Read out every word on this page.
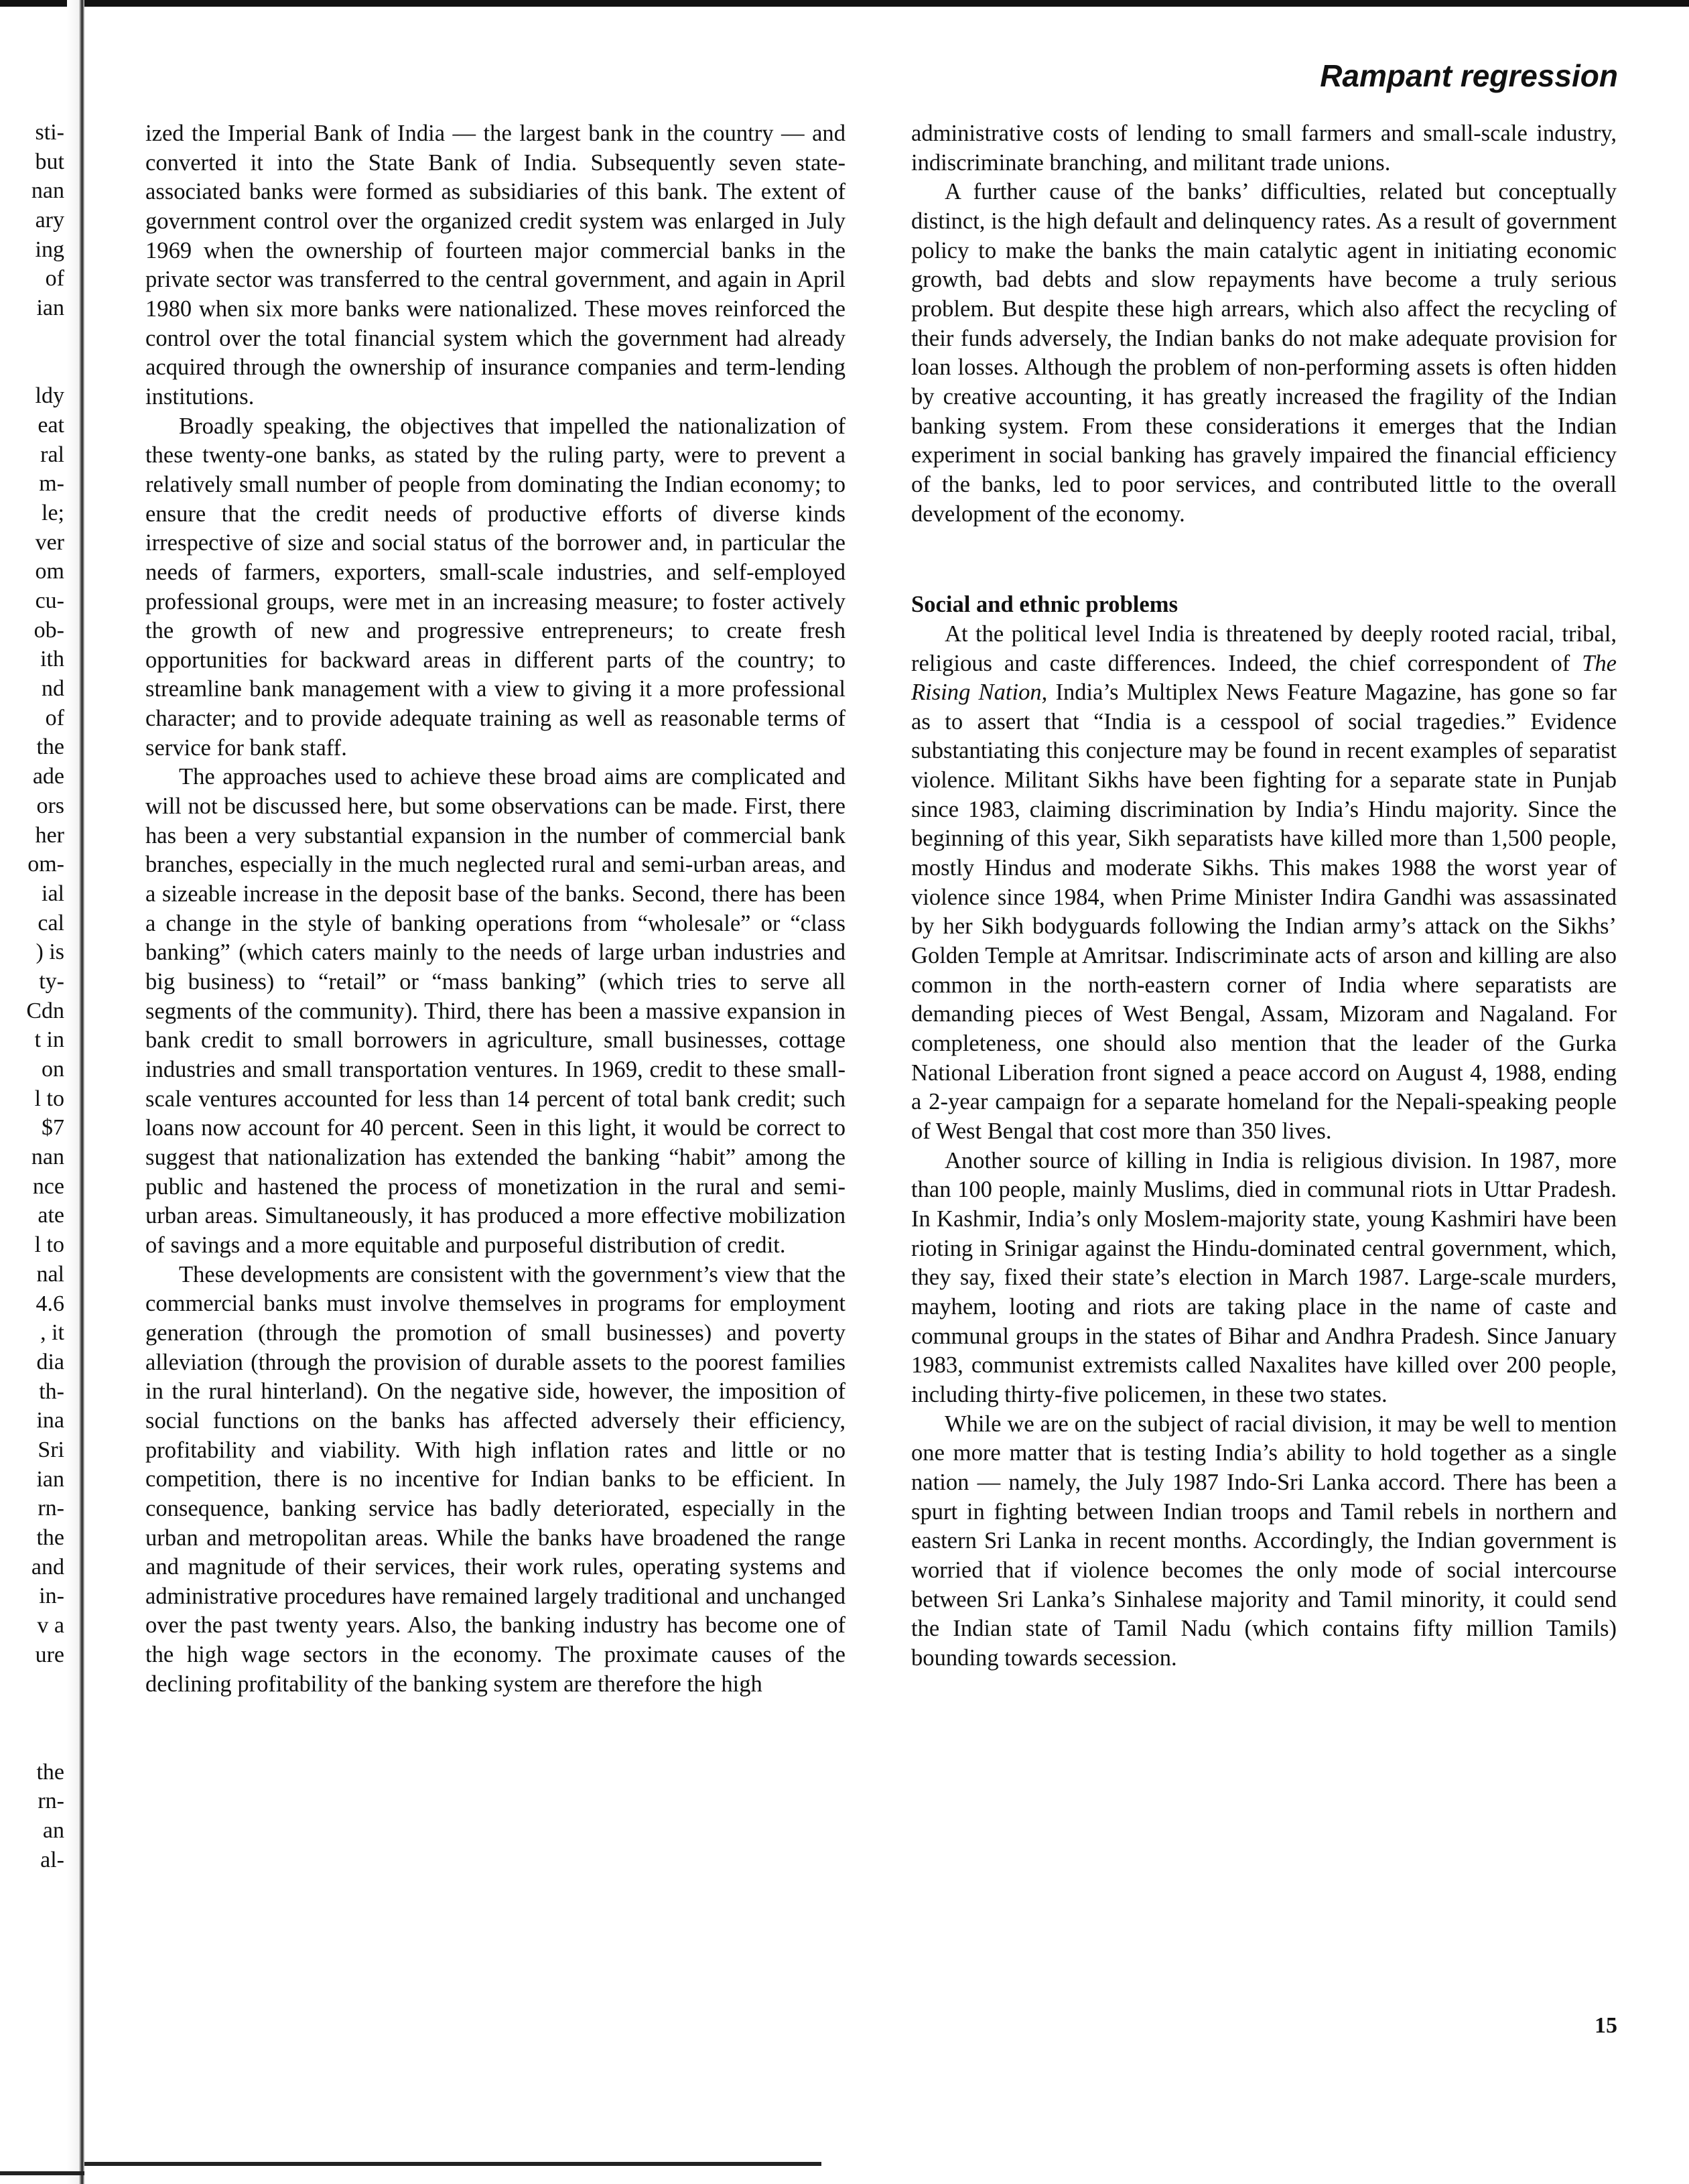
sti-
but
nan
ary
ing
of
ian
ldy
eat
ral
m-
le;
ver
om
cu-
ob-
ith
nd
of
the
ade
ors
her
om-
ial
cal
) is
ty-
Cdn
t in
on
l to
$7
nan
nce
ate
l to
nal
4.6
, it
dia
th-
ina
Sri
ian
rn-
the
and
in-
v a
ure
the
rn-
an
al-
Rampant regression

ized the Imperial Bank of India — the largest bank in the country — and converted it into the State Bank of India. Subsequently seven state-associated banks were formed as subsidiaries of this bank. The extent of government control over the organized credit system was enlarged in July 1969 when the ownership of fourteen major commercial banks in the private sector was transferred to the central government, and again in April 1980 when six more banks were nationalized. These moves reinforced the control over the total financial system which the government had already acquired through the ownership of insurance companies and term-lending institutions.

Broadly speaking, the objectives that impelled the nationalization of these twenty-one banks, as stated by the ruling party, were to prevent a relatively small number of people from dominating the Indian economy; to ensure that the credit needs of productive efforts of diverse kinds irrespective of size and social status of the borrower and, in particular the needs of farmers, exporters, small-scale industries, and self-employed professional groups, were met in an increasing measure; to foster actively the growth of new and progressive entrepreneurs; to create fresh opportunities for backward areas in different parts of the country; to streamline bank management with a view to giving it a more professional character; and to provide adequate training as well as reasonable terms of service for bank staff.

The approaches used to achieve these broad aims are complicated and will not be discussed here, but some observations can be made. First, there has been a very substantial expansion in the number of commercial bank branches, especially in the much neglected rural and semi-urban areas, and a sizeable increase in the deposit base of the banks. Second, there has been a change in the style of banking operations from “wholesale” or “class banking” (which caters mainly to the needs of large urban industries and big business) to “retail” or “mass banking” (which tries to serve all segments of the community). Third, there has been a massive expansion in bank credit to small borrowers in agriculture, small businesses, cottage industries and small transportation ventures. In 1969, credit to these small-scale ventures accounted for less than 14 percent of total bank credit; such loans now account for 40 percent. Seen in this light, it would be correct to suggest that nationalization has extended the banking “habit” among the public and hastened the process of monetization in the rural and semi-urban areas. Simultaneously, it has produced a more effective mobilization of savings and a more equitable and purposeful distribution of credit.

These developments are consistent with the government’s view that the commercial banks must involve themselves in programs for employment generation (through the promotion of small businesses) and poverty alleviation (through the provision of durable assets to the poorest families in the rural hinterland). On the negative side, however, the imposition of social functions on the banks has affected adversely their efficiency, profitability and viability. With high inflation rates and little or no competition, there is no incentive for Indian banks to be efficient. In consequence, banking service has badly deteriorated, especially in the urban and metropolitan areas. While the banks have broadened the range and magnitude of their services, their work rules, operating systems and administrative procedures have remained largely traditional and unchanged over the past twenty years. Also, the banking industry has become one of the high wage sectors in the economy. The proximate causes of the declining profitability of the banking system are therefore the high

administrative costs of lending to small farmers and small-scale industry, indiscriminate branching, and militant trade unions.

A further cause of the banks’ difficulties, related but conceptually distinct, is the high default and delinquency rates. As a result of government policy to make the banks the main catalytic agent in initiating economic growth, bad debts and slow repayments have become a truly serious problem. But despite these high arrears, which also affect the recycling of their funds adversely, the Indian banks do not make adequate provision for loan losses. Although the problem of non-performing assets is often hidden by creative accounting, it has greatly increased the fragility of the Indian banking system. From these considerations it emerges that the Indian experiment in social banking has gravely impaired the financial efficiency of the banks, led to poor services, and contributed little to the overall development of the economy.

Social and ethnic problems

At the political level India is threatened by deeply rooted racial, tribal, religious and caste differences. Indeed, the chief correspondent of The Rising Nation, India’s Multiplex News Feature Magazine, has gone so far as to assert that “India is a cesspool of social tragedies.” Evidence substantiating this conjecture may be found in recent examples of separatist violence. Militant Sikhs have been fighting for a separate state in Punjab since 1983, claiming discrimination by India’s Hindu majority. Since the beginning of this year, Sikh separatists have killed more than 1,500 people, mostly Hindus and moderate Sikhs. This makes 1988 the worst year of violence since 1984, when Prime Minister Indira Gandhi was assassinated by her Sikh bodyguards following the Indian army’s attack on the Sikhs’ Golden Temple at Amritsar. Indiscriminate acts of arson and killing are also common in the north-eastern corner of India where separatists are demanding pieces of West Bengal, Assam, Mizoram and Nagaland. For completeness, one should also mention that the leader of the Gurka National Liberation front signed a peace accord on August 4, 1988, ending a 2-year campaign for a separate homeland for the Nepali-speaking people of West Bengal that cost more than 350 lives.

Another source of killing in India is religious division. In 1987, more than 100 people, mainly Muslims, died in communal riots in Uttar Pradesh. In Kashmir, India’s only Moslem-majority state, young Kashmiri have been rioting in Srinigar against the Hindu-dominated central government, which, they say, fixed their state’s election in March 1987. Large-scale murders, mayhem, looting and riots are taking place in the name of caste and communal groups in the states of Bihar and Andhra Pradesh. Since January 1983, communist extremists called Naxalites have killed over 200 people, including thirty-five policemen, in these two states.

While we are on the subject of racial division, it may be well to mention one more matter that is testing India’s ability to hold together as a single nation — namely, the July 1987 Indo-Sri Lanka accord. There has been a spurt in fighting between Indian troops and Tamil rebels in northern and eastern Sri Lanka in recent months. Accordingly, the Indian government is worried that if violence becomes the only mode of social intercourse between Sri Lanka’s Sinhalese majority and Tamil minority, it could send the Indian state of Tamil Nadu (which contains fifty million Tamils) bounding towards secession.

15
